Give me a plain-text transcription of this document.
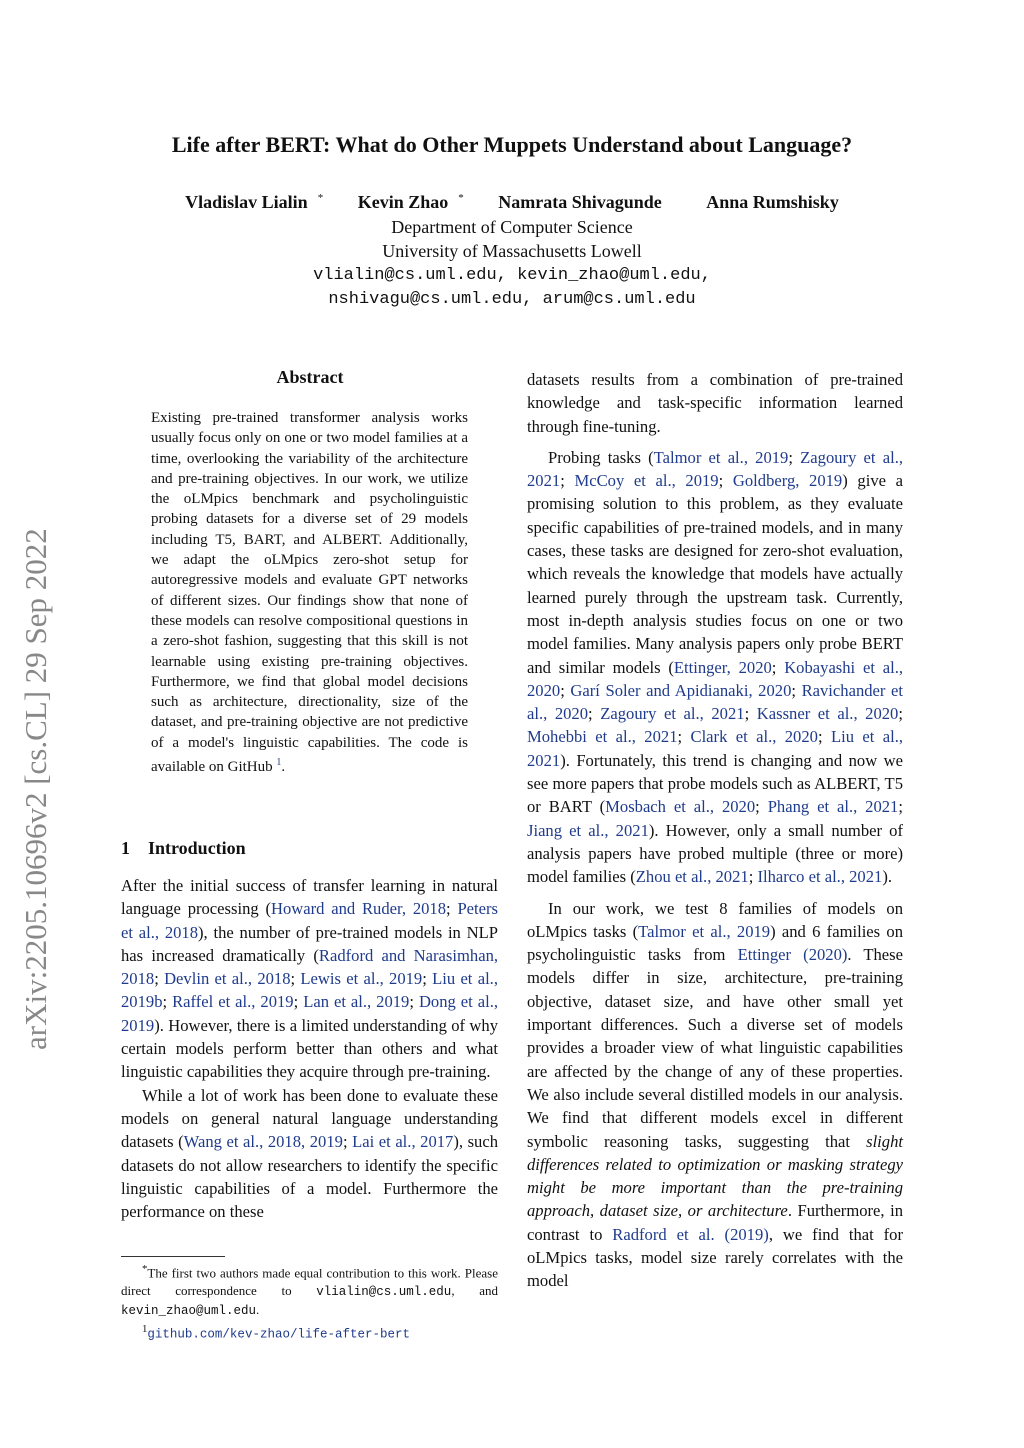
arXiv:2205.10696v2 [cs.CL] 29 Sep 2022
Life after BERT: What do Other Muppets Understand about Language?
Vladislav Lialin * Kevin Zhao * Namrata Shivagunde Anna Rumshisky
Department of Computer Science
University of Massachusetts Lowell
vlialin@cs.uml.edu, kevin_zhao@uml.edu,
nshivagu@cs.uml.edu, arum@cs.uml.edu
Abstract
Existing pre-trained transformer analysis works usually focus only on one or two model families at a time, overlooking the variability of the architecture and pre-training objectives. In our work, we utilize the oLMpics benchmark and psycholinguistic probing datasets for a diverse set of 29 models including T5, BART, and ALBERT. Additionally, we adapt the oLMpics zero-shot setup for autoregressive models and evaluate GPT networks of different sizes. Our findings show that none of these models can resolve compositional questions in a zero-shot fashion, suggesting that this skill is not learnable using existing pre-training objectives. Furthermore, we find that global model decisions such as architecture, directionality, size of the dataset, and pre-training objective are not predictive of a model's linguistic capabilities. The code is available on GitHub $^1$.
1 Introduction

After the initial success of transfer learning in natural language processing (Howard and Ruder, 2018; Peters et al., 2018), the number of pre-trained models in NLP has increased dramatically (Radford and Narasimhan, 2018; Devlin et al., 2018; Lewis et al., 2019; Liu et al., 2019b; Raffel et al., 2019; Lan et al., 2019; Dong et al., 2019). However, there is a limited understanding of why certain models perform better than others and what linguistic capabilities they acquire through pre-training.

While a lot of work has been done to evaluate these models on general natural language understanding datasets (Wang et al., 2018, 2019; Lai et al., 2017), such datasets do not allow researchers to identify the specific linguistic capabilities of a model. Furthermore the performance on these

*The first two authors made equal contribution to this work. Please direct correspondence to vlialin@cs.uml.edu, and kevin_zhao@uml.edu.

$^1$github.com/kev-zhao/life-after-bert

datasets results from a combination of pre-trained knowledge and task-specific information learned through fine-tuning.

Probing tasks (Talmor et al., 2019; Zagoury et al., 2021; McCoy et al., 2019; Goldberg, 2019) give a promising solution to this problem, as they evaluate specific capabilities of pre-trained models, and in many cases, these tasks are designed for zero-shot evaluation, which reveals the knowledge that models have actually learned purely through the upstream task. Currently, most in-depth analysis studies focus on one or two model families. Many analysis papers only probe BERT and similar models (Ettinger, 2020; Kobayashi et al., 2020; Garí Soler and Apidianaki, 2020; Ravichander et al., 2020; Zagoury et al., 2021; Kassner et al., 2020; Mohebbi et al., 2021; Clark et al., 2020; Liu et al., 2021). Fortunately, this trend is changing and now we see more papers that probe models such as ALBERT, T5 or BART (Mosbach et al., 2020; Phang et al., 2021; Jiang et al., 2021). However, only a small number of analysis papers have probed multiple (three or more) model families (Zhou et al., 2021; Ilharco et al., 2021).

In our work, we test 8 families of models on oLMpics tasks (Talmor et al., 2019) and 6 families on psycholinguistic tasks from Ettinger (2020). These models differ in size, architecture, pre-training objective, dataset size, and have other small yet important differences. Such a diverse set of models provides a broader view of what linguistic capabilities are affected by the change of any of these properties. We also include several distilled models in our analysis. We find that different models excel in different symbolic reasoning tasks, suggesting that slight differences related to optimization or masking strategy might be more important than the pre-training approach, dataset size, or architecture. Furthermore, in contrast to Radford et al. (2019), we find that for oLMpics tasks, model size rarely correlates with the model
